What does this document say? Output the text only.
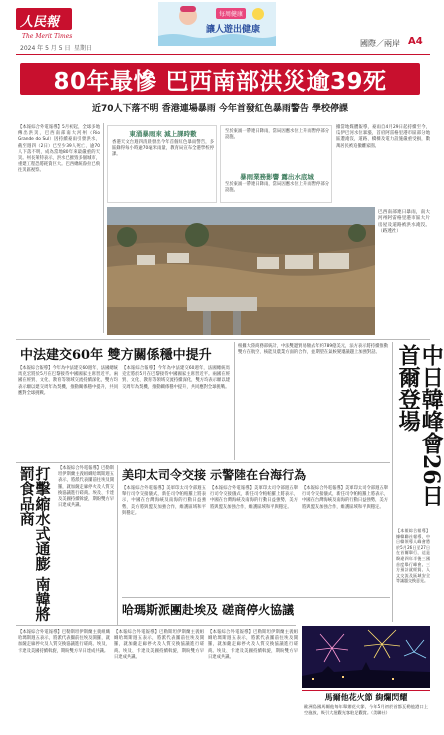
人民報
The Merit Times
2024 年 5 月 5 日 星期日
每周健康
讓人遊出健康
國際／兩岸 A4
80年最慘 巴西南部洪災逾39死
近70人下落不明 香港連場暴雨 今年首發紅色暴雨警告 學校停課
【本報綜合外電報導】5月初起，全球多地傳出洪災，巴西南部南大河州（Rio Grande do Sul）因持續豪雨引發洪水，截至週四（2日）已至少39人死亡、逾70人下落不明，成為當地80年來最嚴重的天災。州長萊特表示，洪水已摧毀多個城市，重建工程恐將耗資巨大。巴西總統魯拉已飛往災區視察。
東涌暴雨來 減上課時數
香港天文台週四清晨發出今年首個紅色暴雨警告，多區錄得每小時逾70毫米雨量，教育局宣布全港學校停課。
暴雨業務影響 露出水底城
至於東涌一帶連日降雨，當局因應水位上升而暫停部分設施。
至於東涌一帶連日降雨，當局因應水位上升而暫停部分設施。
據當地媒體報導，豪雨自4月29日起持續至今，瓜伊巴河水位暴漲，首府阿雷格里港市區部分地區遭淹沒，道路、橋樑及電力設施嚴重受損，數萬居民被迫撤離家園。
巴西南部連日暴雨，南大河州阿雷格里港市區大片房屋及道路被洪水淹沒。（路透社）
中日韓峰會26日首爾登場
【本報綜合報導】據韓聯社報導，中日韓領導人峰會將於5月26日至27日在首爾舉行，這是睽違四年半後三國首度舉行峰會。三方預計就經貿、人文交流及區域安全等議題交換意見。
中法建交60年 雙方關係穩中提升
【本報綜合報導】今年為中法建交60週年，法國總統馬克宏將於5月在巴黎接待中國國家主席習近平。兩國在經貿、文化、教育等領域交流持續深化，雙方均表示願以建交周年為契機，推動關係穩中提升，共同應對全球挑戰。
【本報綜合報導】今年為中法建交60週年，法國總統馬克宏將於5月在巴黎接待中國國家主席習近平。兩國在經貿、文化、教育等領域交流持續深化，雙方均表示願以建交周年為契機，推動關係穩中提升，共同應對全球挑戰。
根據大陸商務部統計，中法雙邊貿易額去年約789億美元，法方表示將持續推動雙方在航空、核能及農業方面的合作，並期望在氣候變遷議題上加強對話。
打擊縮水式通膨 南韓將罰食品商	【本報綜合外電報導】巴勒斯坦伊斯蘭主義組織哈瑪斯週五表示，將派代表團前往埃及開羅，就加薩走廊停火及人質交換協議進行磋商。埃及、卡達及美國持續斡旋，期盼雙方早日達成共識。
美印太司令交接 示警陸在台海行為
【本報綜合外電報導】美軍印太司令部週五舉行司令交接儀式，新任司令帕帕羅上將表示，中國在台灣海峽及南海的行動日益強勢，美方將與盟友加強合作，維護區域和平與穩定。
【本報綜合外電報導】美軍印太司令部週五舉行司令交接儀式，新任司令帕帕羅上將表示，中國在台灣海峽及南海的行動日益強勢，美方將與盟友加強合作，維護區域和平與穩定。
【本報綜合外電報導】美軍印太司令部週五舉行司令交接儀式，新任司令帕帕羅上將表示，中國在台灣海峽及南海的行動日益強勢，美方將與盟友加強合作，維護區域和平與穩定。
哈瑪斯派團赴埃及 磋商停火協議
【本報綜合外電報導】巴勒斯坦伊斯蘭主義組織哈瑪斯週五表示，將派代表團前往埃及開羅，就加薩走廊停火及人質交換協議進行磋商。埃及、卡達及美國持續斡旋，期盼雙方早日達成共識。
【本報綜合外電報導】巴勒斯坦伊斯蘭主義組織哈瑪斯週五表示，將派代表團前往埃及開羅，就加薩走廊停火及人質交換協議進行磋商。埃及、卡達及美國持續斡旋，期盼雙方早日達成共識。
【本報綜合外電報導】巴勒斯坦伊斯蘭主義組織哈瑪斯週五表示，將派代表團前往埃及開羅，就加薩走廊停火及人質交換協議進行磋商。埃及、卡達及美國持續斡旋，期盼雙方早日達成共識。
馬爾他花火節 絢爛閃耀
歐洲島國馬爾他每年舉辦花火節，今年5月初於首都瓦勒他港口上空施放，吸引大批觀光客駐足觀賞。（美聯社）
